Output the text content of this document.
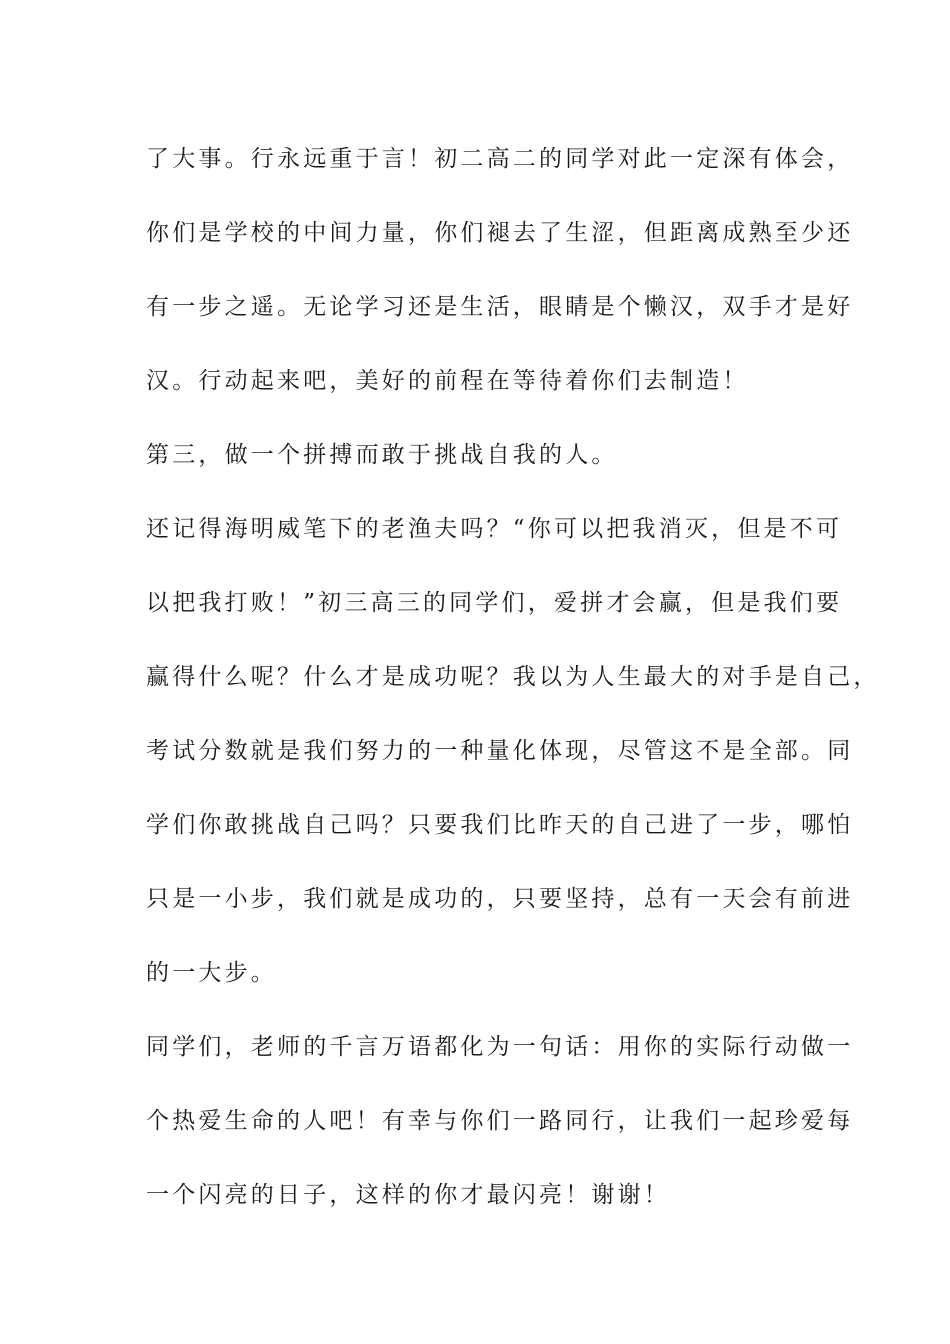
了大事。行永远重于言！初二高二的同学对此一定深有体会，
你们是学校的中间力量，你们褪去了生涩，但距离成熟至少还
有一步之遥。无论学习还是生活，眼睛是个懒汉，双手才是好
汉。行动起来吧，美好的前程在等待着你们去制造！
第三，做一个拼搏而敢于挑战自我的人。
还记得海明威笔下的老渔夫吗？“你可以把我消灭，但是不可
以把我打败！”初三高三的同学们，爱拼才会赢，但是我们要
赢得什么呢？什么才是成功呢？我以为人生最大的对手是自己，
考试分数就是我们努力的一种量化体现，尽管这不是全部。同
学们你敢挑战自己吗？只要我们比昨天的自己进了一步，哪怕
只是一小步，我们就是成功的，只要坚持，总有一天会有前进
的一大步。
同学们，老师的千言万语都化为一句话：用你的实际行动做一
个热爱生命的人吧！有幸与你们一路同行，让我们一起珍爱每
一个闪亮的日子，这样的你才最闪亮！谢谢！
